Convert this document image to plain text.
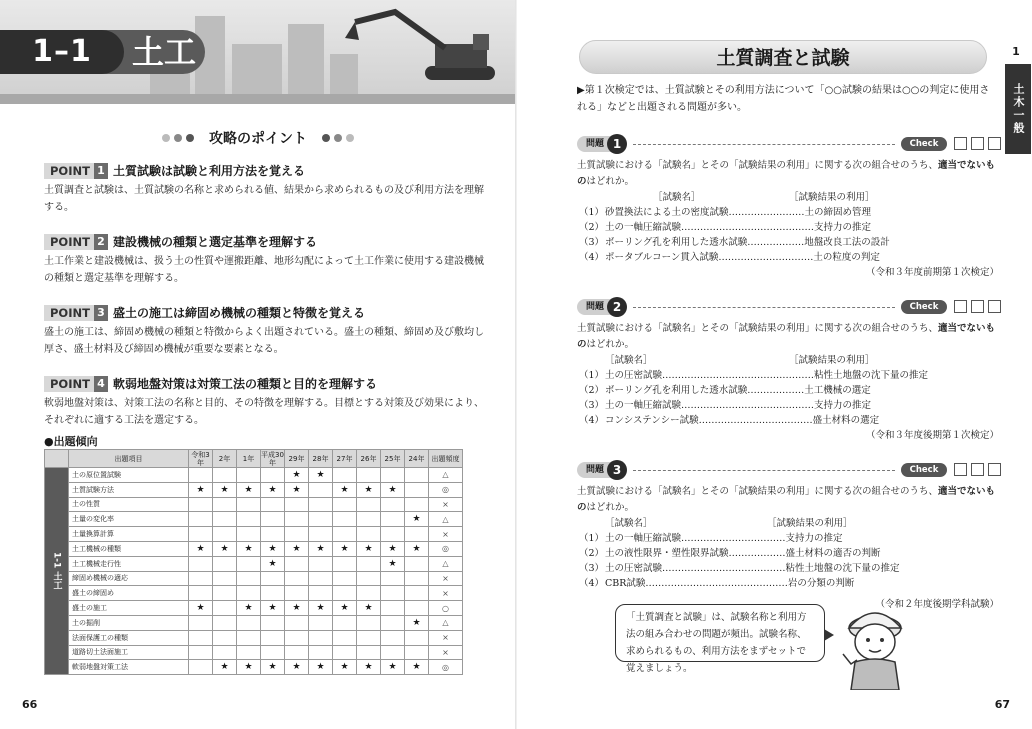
1–1	土工
攻略のポイント
POINT 1 土質試験は試験と利用方法を覚える
土質調査と試験は、土質試験の名称と求められる値、結果から求められるもの及び利用方法を理解する。
POINT 2 建設機械の種類と選定基準を理解する
土工作業と建設機械は、扱う土の性質や運搬距離、地形勾配によって土工作業に使用する建設機械の種類と選定基準を理解する。
POINT 3 盛土の施工は締固め機械の種類と特徴を覚える
盛土の施工は、締固め機械の種類と特徴からよく出題されている。盛土の種類、締固め及び敷均し厚さ、盛土材料及び締固め機械が重要な要素となる。
POINT 4 軟弱地盤対策は対策工法の種類と目的を理解する
軟弱地盤対策は、対策工法の名称と目的、その特徴を理解する。目標とする対策及び効果により、それぞれに適する工法を選定する。
●出題傾向
	出題項目	令和3年	2年	1年	平成30年	29年	28年	27年	26年	25年	24年	出題頻度
1-1 土工	土の原位置試験					★	★					△
	土質試験方法	★	★	★	★	★		★	★	★		◎
	土の性質											×
	土量の変化率										★	△
	土量換算計算											×
	土工機械の種類	★	★	★	★	★	★	★	★	★	★	◎
	土工機械走行性				★					★		△
	締固め機械の適応											×
	盛土の締固め											×
	盛土の施工	★		★	★	★	★	★	★			○
	土の掘削										★	△
	法面保護工の種類											×
	道路切土法面施工											×
	軟弱地盤対策工法		★	★	★	★	★	★	★	★	★	◎
66
土質調査と試験	1
土木一般
▶第１次検定では、土質試験とその利用方法について「○○試験の結果は○○の判定に使用される」などと出題される問題が多い。
問題 1	Check
土質試験における「試験名」とその「試験結果の利用」に関する次の組合せのうち、適当でないものはどれか。
［試験名］	［試験結果の利用］
（1） 砂置換法による土の密度試験……………………土の締固め管理
（2） 土の一軸圧縮試験……………………………………支持力の推定
（3） ボーリング孔を利用した透水試験………………地盤改良工法の設計
（4） ポータブルコーン貫入試験…………………………土の粒度の判定
（令和３年度前期第１次検定）
問題 2	Check
土質試験における「試験名」とその「試験結果の利用」に関する次の組合せのうち、適当でないものはどれか。
［試験名］	［試験結果の利用］
（1） 土の圧密試験…………………………………………粘性土地盤の沈下量の推定
（2） ボーリング孔を利用した透水試験………………土工機械の選定
（3） 土の一軸圧縮試験……………………………………支持力の推定
（4） コンシステンシー試験………………………………盛土材料の選定
（令和３年度後期第１次検定）
問題 3	Check
土質試験における「試験名」とその「試験結果の利用」に関する次の組合せのうち、適当でないものはどれか。
［試験名］	［試験結果の利用］
（1） 土の一軸圧縮試験……………………………支持力の推定
（2） 土の液性限界・塑性限界試験………………盛土材料の適否の判断
（3） 土の圧密試験…………………………………粘性土地盤の沈下量の推定
（4） CBR試験………………………………………岩の分類の判断
（令和２年度後期学科試験）
「土質調査と試験」は、試験名称と利用方法の組み合わせの問題が頻出。試験名称、求められるもの、利用方法をまずセットで覚えましょう。
67
